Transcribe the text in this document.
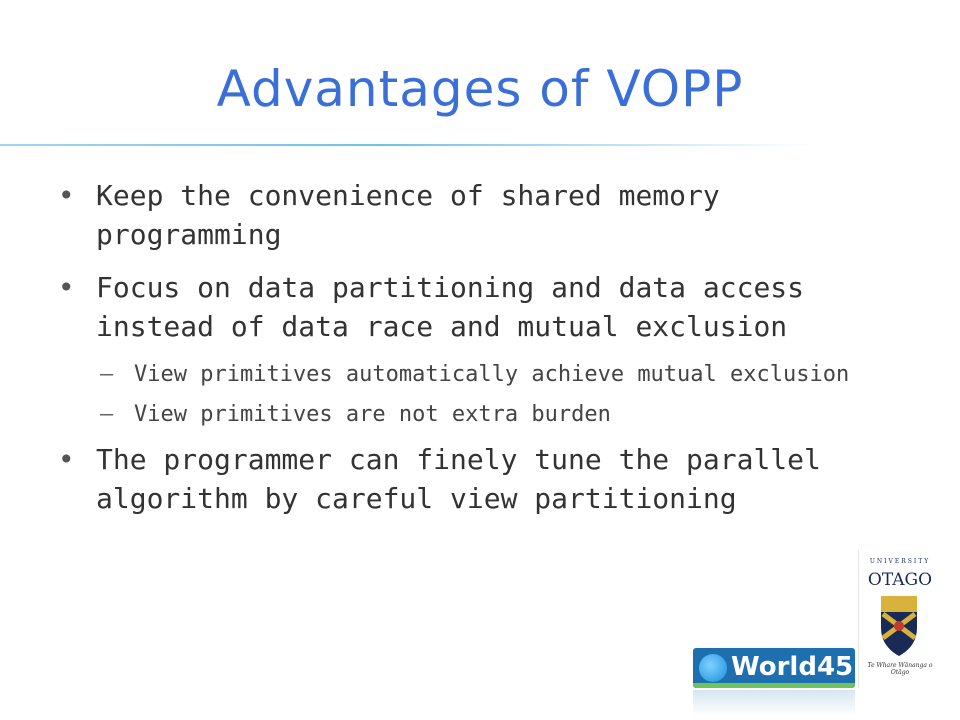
Advantages of VOPP
• Keep the convenience of shared memory programming
• Focus on data partitioning and data access instead of data race and mutual exclusion
– View primitives automatically achieve mutual exclusion
– View primitives are not extra burden
• The programmer can finely tune the parallel algorithm by careful view partitioning
UNIVERSITY
OTAGO
Te Whare Wānanga o Otāgo
World45
